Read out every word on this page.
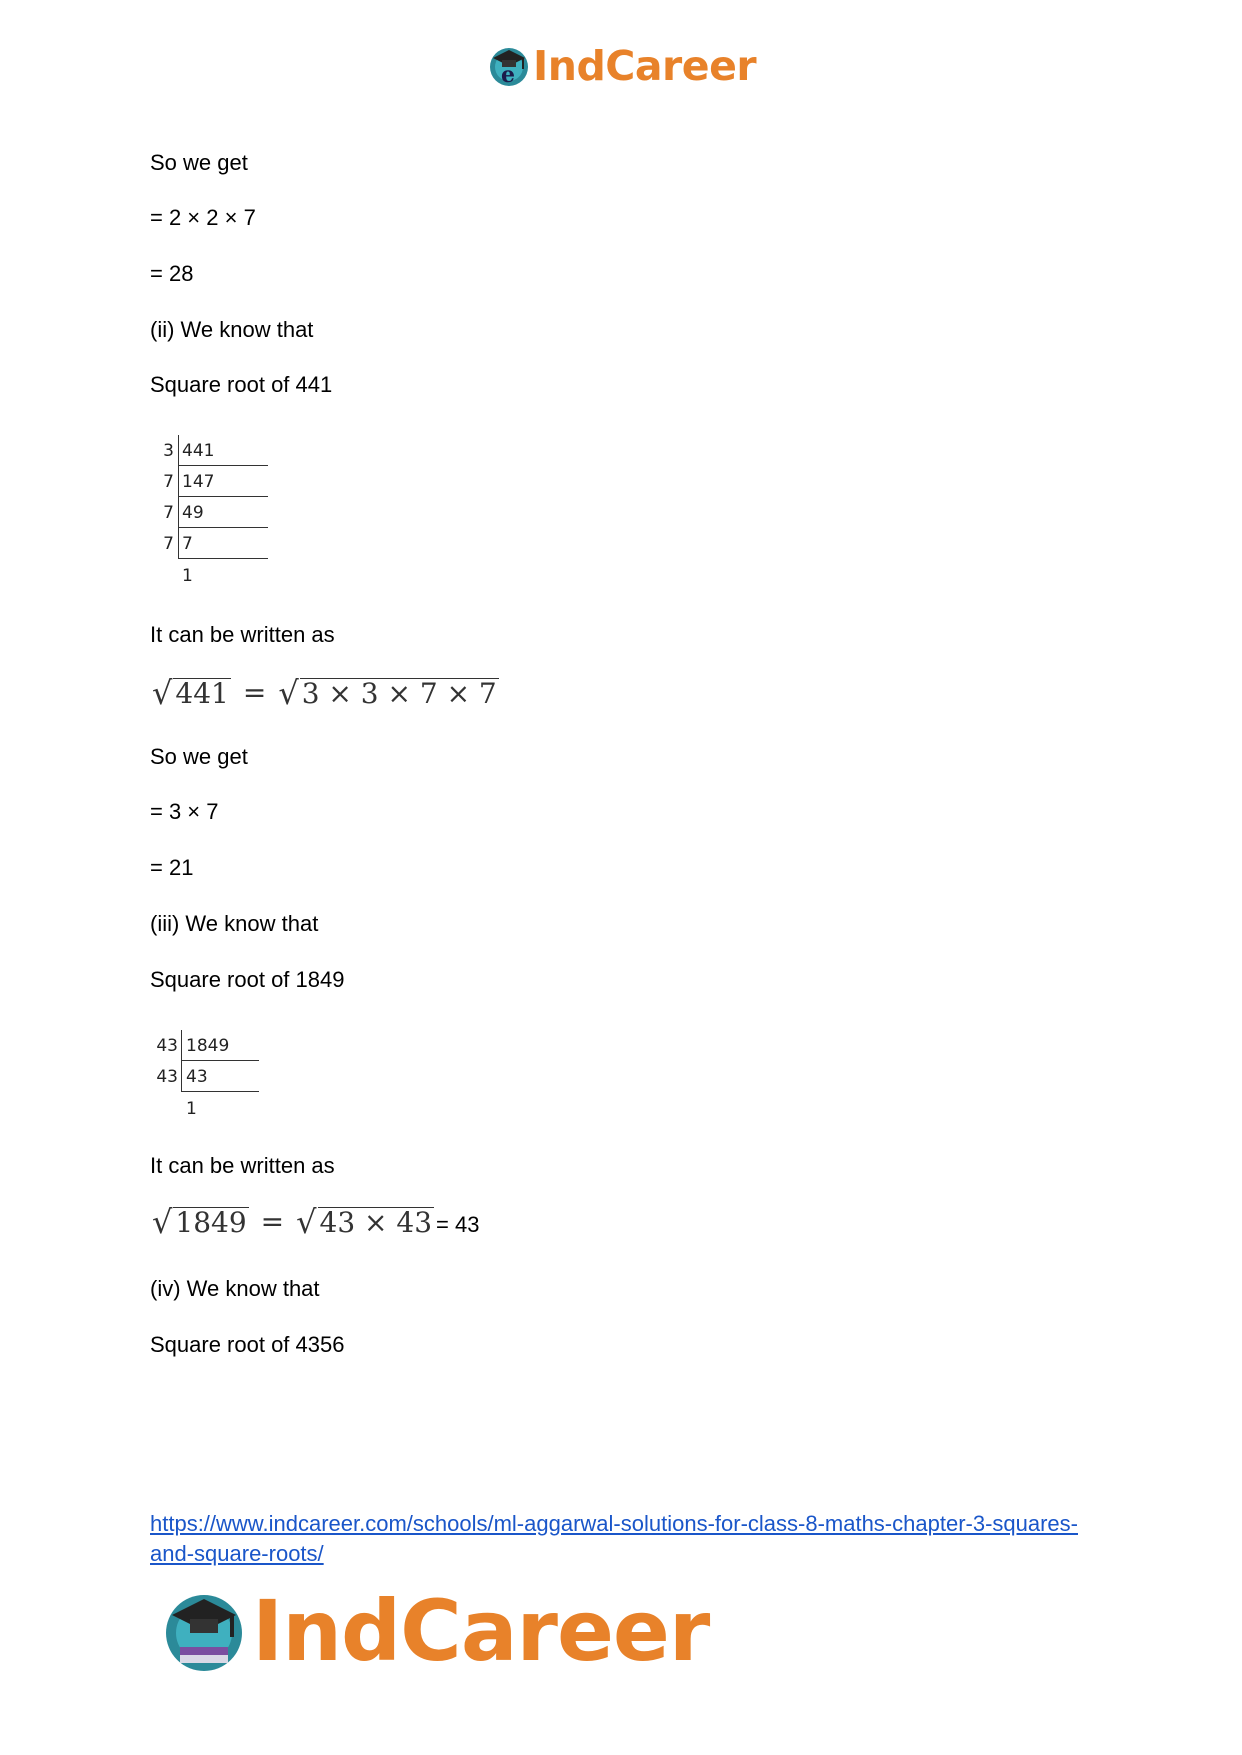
e IndCareer
So we get
= 2 × 2 × 7
= 28
(ii) We know that
Square root of 441
3 441
7 147
7 49
7 7
1
It can be written as
√ 441 = √ 3 × 3 × 7 × 7
So we get
= 3 × 7
= 21
(iii) We know that
Square root of 1849
43 1849
43 43
1
It can be written as
√ 1849 = √ 43 × 43 = 43
(iv) We know that
Square root of 4356
https://www.indcareer.com/schools/ml-aggarwal-solutions-for-class-8-maths-chapter-3-squares-and-square-roots/
IndCareer
